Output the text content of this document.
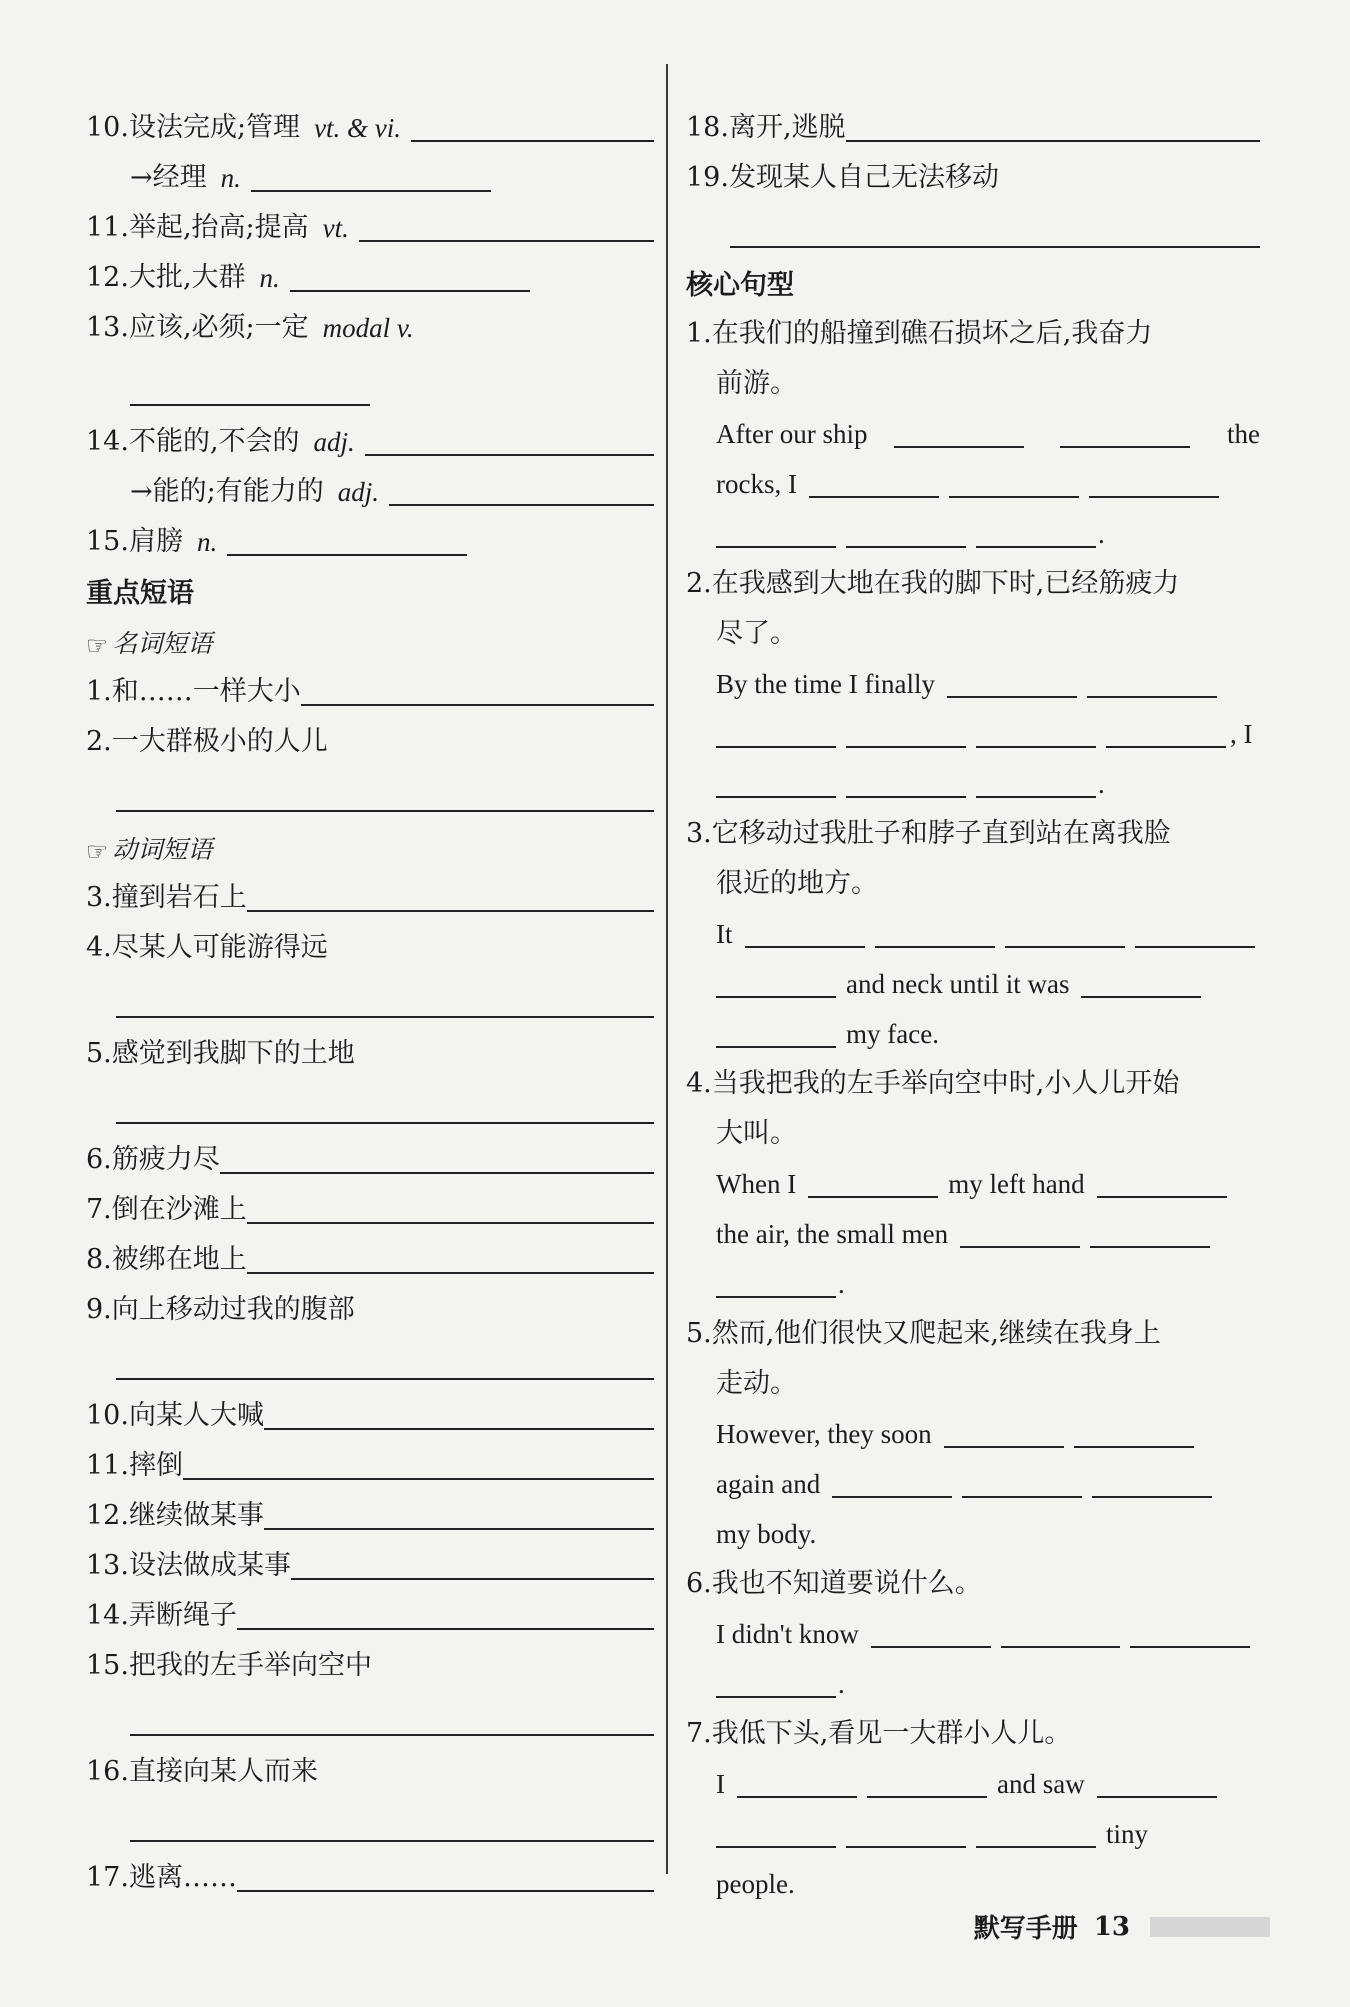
10. 设法完成;管理 vt. & vi.
→经理 n.
11. 举起,抬高;提高 vt.
12. 大批,大群 n.
13. 应该,必须;一定 modal v.
14. 不能的,不会的 adj.
→能的;有能力的 adj.
15. 肩膀 n.
重点短语
☞ 名词短语
1. 和……一样大小
2. 一大群极小的人儿
☞ 动词短语
3. 撞到岩石上
4. 尽某人可能游得远
5. 感觉到我脚下的土地
6. 筋疲力尽
7. 倒在沙滩上
8. 被绑在地上
9. 向上移动过我的腹部
10. 向某人大喊
11. 摔倒
12. 继续做某事
13. 设法做成某事
14. 弄断绳子
15. 把我的左手举向空中
16. 直接向某人而来
17. 逃离……
18. 离开,逃脱
19. 发现某人自己无法移动
核心句型
1. 在我们的船撞到礁石损坏之后,我奋力
前游。
After our ship	the
rocks, I
.
2. 在我感到大地在我的脚下时,已经筋疲力
尽了。
By the time I finally
, I
.
3. 它移动过我肚子和脖子直到站在离我脸
很近的地方。
It
and neck until it was
my face.
4. 当我把我的左手举向空中时,小人儿开始
大叫。
When I	my left hand
the air, the small men
.
5. 然而,他们很快又爬起来,继续在我身上
走动。
However, they soon
again and
my body.
6. 我也不知道要说什么。
I didn't know
.
7. 我低下头,看见一大群小人儿。
I	and saw
tiny
people.
默写手册 13
